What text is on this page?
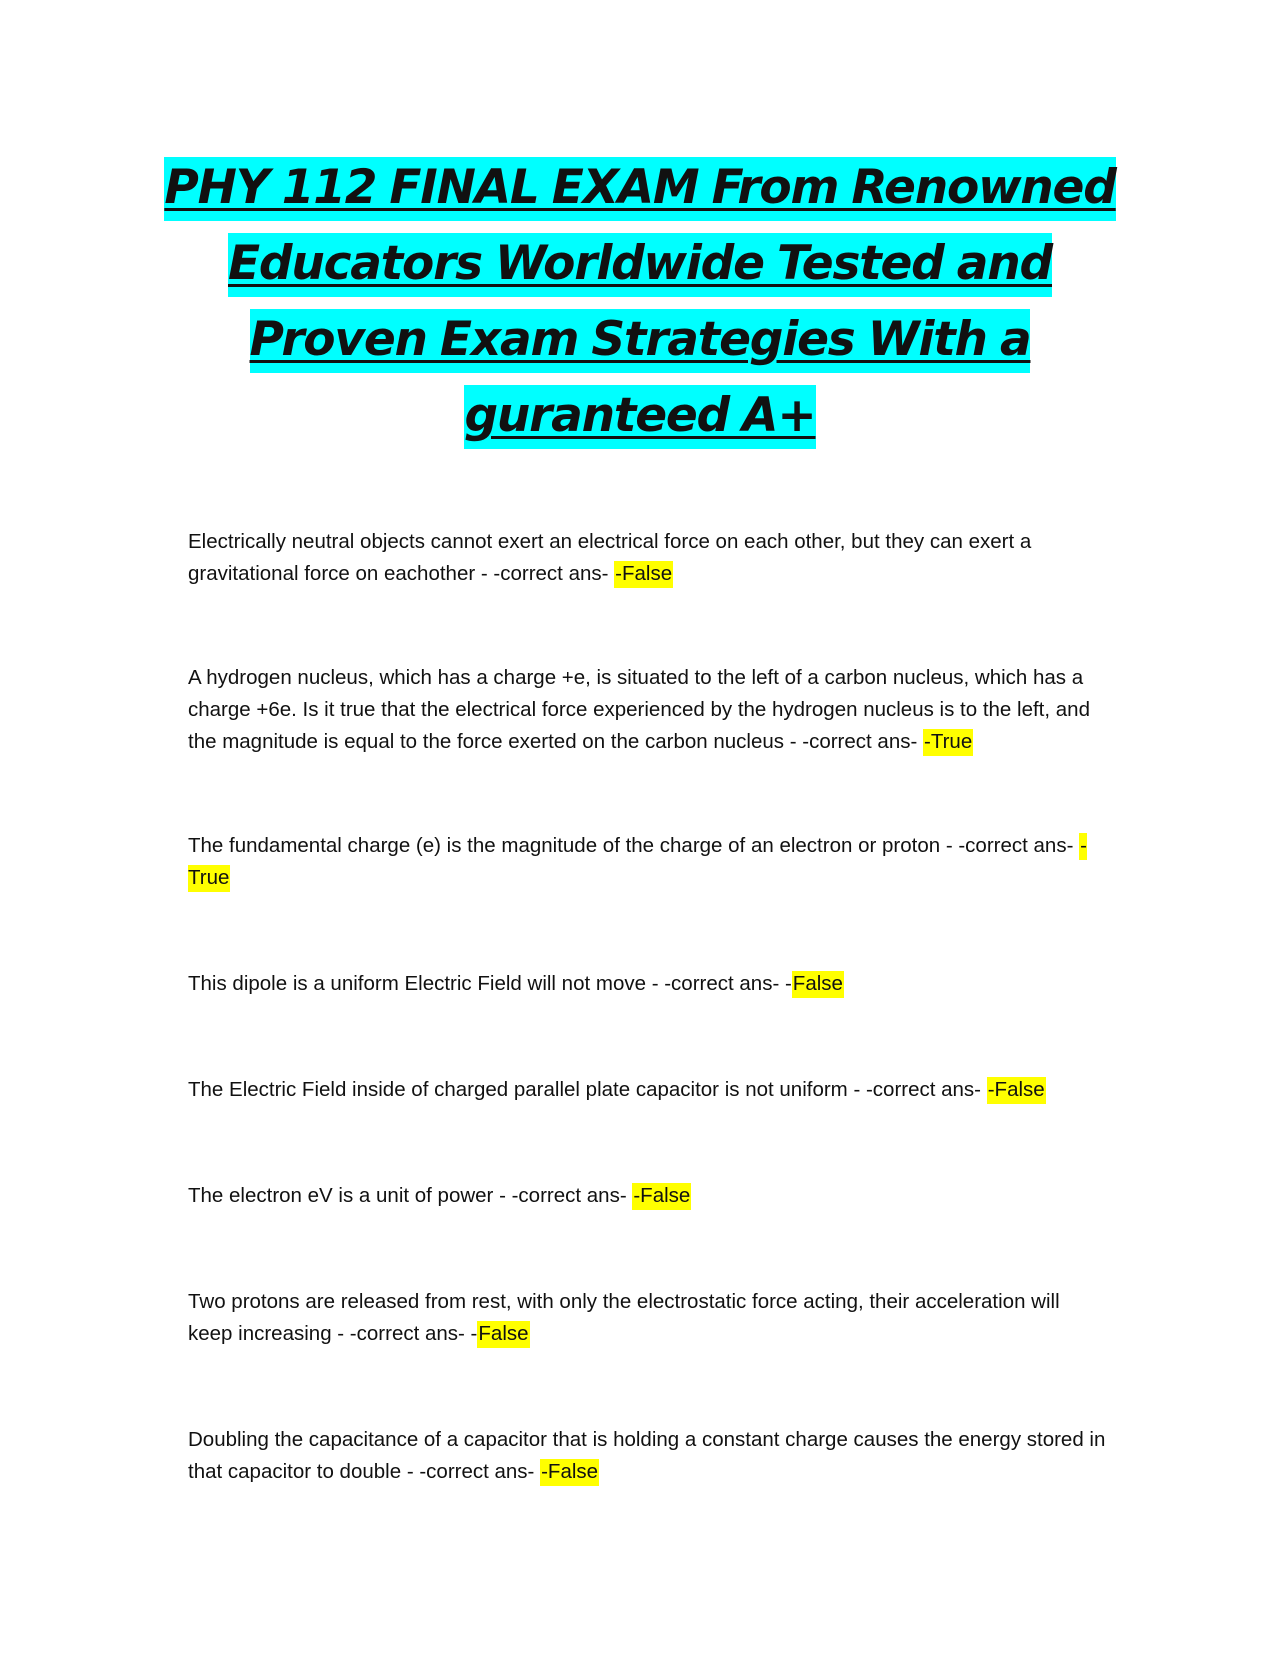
PHY 112 FINAL EXAM From Renowned Educators Worldwide Tested and Proven Exam Strategies With a guranteed A+

Electrically neutral objects cannot exert an electrical force on each other, but they can exert a gravitational force on eachother - -correct ans- -False

A hydrogen nucleus, which has a charge +e, is situated to the left of a carbon nucleus, which has a charge +6e. Is it true that the electrical force experienced by the hydrogen nucleus is to the left, and the magnitude is equal to the force exerted on the carbon nucleus - -correct ans- -True

The fundamental charge (e) is the magnitude of the charge of an electron or proton - -correct ans- -True

This dipole is a uniform Electric Field will not move - -correct ans- -False

The Electric Field inside of charged parallel plate capacitor is not uniform - -correct ans- -False

The electron eV is a unit of power - -correct ans- -False

Two protons are released from rest, with only the electrostatic force acting, their acceleration will keep increasing - -correct ans- -False

Doubling the capacitance of a capacitor that is holding a constant charge causes the energy stored in that capacitor to double - -correct ans- -False
